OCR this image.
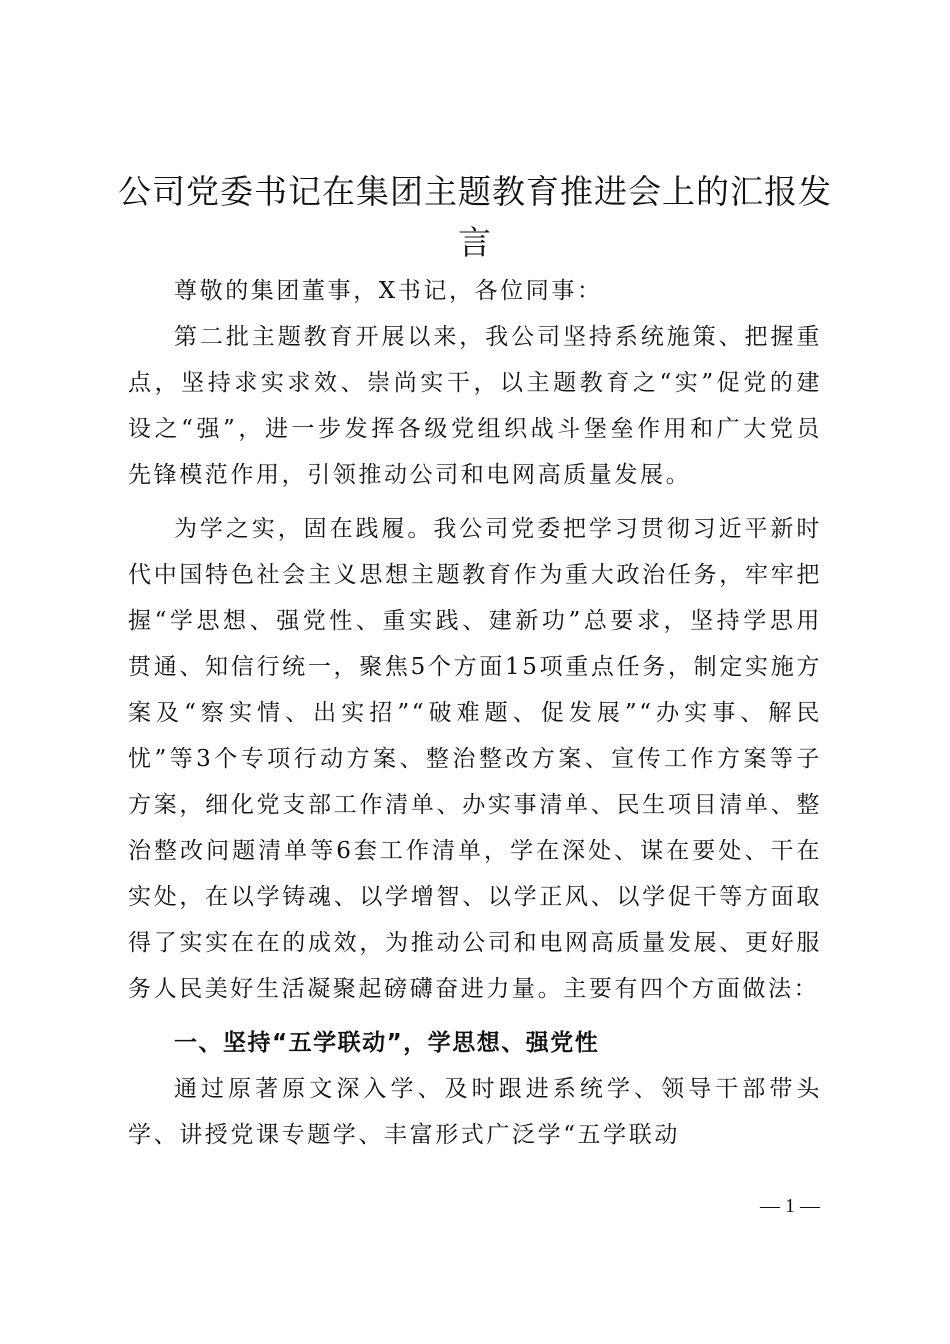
公司党委书记在集团主题教育推进会上的汇报发言

尊敬的集团董事，X书记，各位同事：

第二批主题教育开展以来，我公司坚持系统施策、把握重点，坚持求实求效、崇尚实干，以主题教育之“实”促党的建设之“强”，进一步发挥各级党组织战斗堡垒作用和广大党员先锋模范作用，引领推动公司和电网高质量发展。

为学之实，固在践履。我公司党委把学习贯彻习近平新时代中国特色社会主义思想主题教育作为重大政治任务，牢牢把握“学思想、强党性、重实践、建新功”总要求，坚持学思用贯通、知信行统一，聚焦5个方面15项重点任务，制定实施方案及“察实情、出实招”“破难题、促发展”“办实事、解民忧”等3个专项行动方案、整治整改方案、宣传工作方案等子方案，细化党支部工作清单、办实事清单、民生项目清单、整治整改问题清单等6套工作清单，学在深处、谋在要处、干在实处，在以学铸魂、以学增智、以学正风、以学促干等方面取得了实实在在的成效，为推动公司和电网高质量发展、更好服务人民美好生活凝聚起磅礴奋进力量。主要有四个方面做法：

一、坚持“五学联动”，学思想、强党性

通过原著原文深入学、及时跟进系统学、领导干部带头学、讲授党课专题学、丰富形式广泛学“五学联动

— 1 —
